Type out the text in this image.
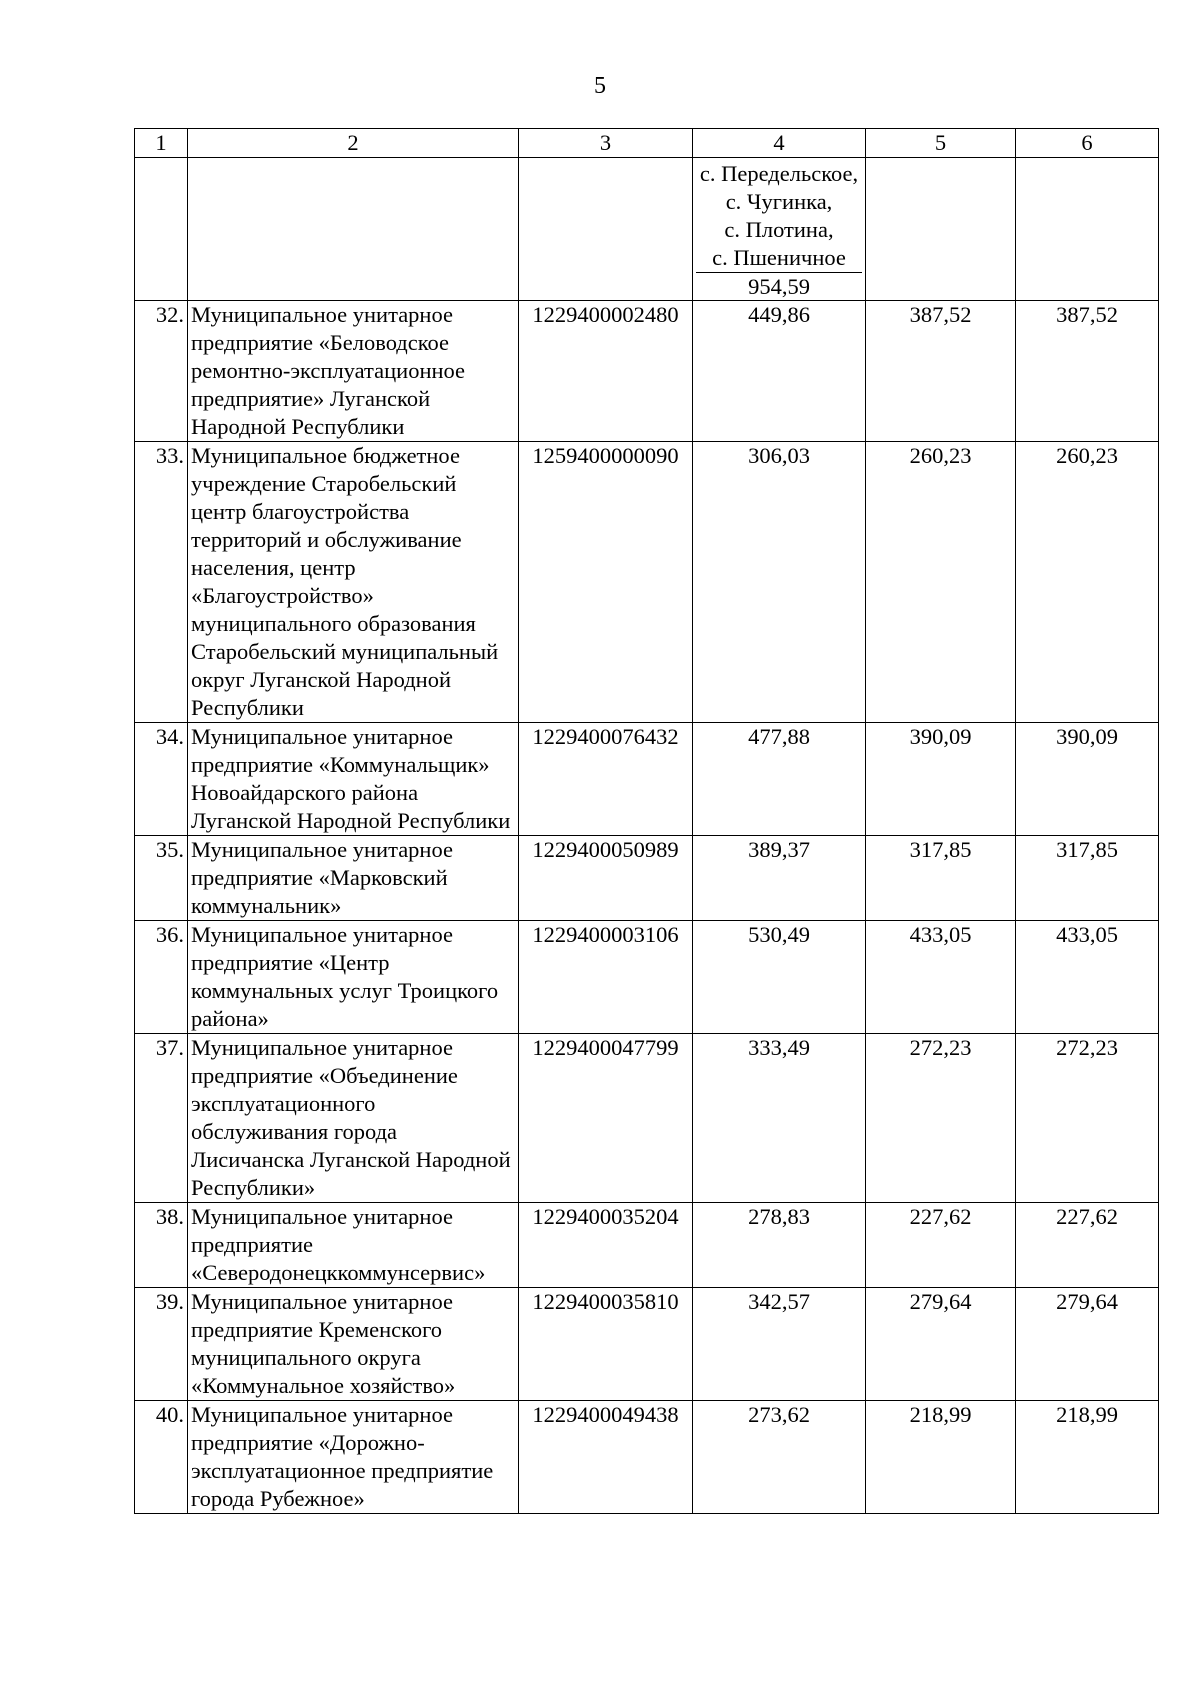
5
1	2	3	4	5	6

			с. Передельское,
с. Чугинка,
с. Плотина,
с. Пшеничное
954,59		

32.	Муниципальное унитарное предприятие «Беловодское ремонтно-эксплуатационное предприятие» Луганской Народной Республики	1229400002480	449,86	387,52	387,52
33.	Муниципальное бюджетное учреждение Старобельский центр благоустройства территорий и обслуживание населения, центр «Благоустройство» муниципального образования Старобельский муниципальный округ Луганской Народной Республики	1259400000090	306,03	260,23	260,23
34.	Муниципальное унитарное предприятие «Коммунальщик» Новоайдарского района Луганской Народной Республики	1229400076432	477,88	390,09	390,09
35.	Муниципальное унитарное предприятие «Марковский коммунальник»	1229400050989	389,37	317,85	317,85
36.	Муниципальное унитарное предприятие «Центр коммунальных услуг Троицкого района»	1229400003106	530,49	433,05	433,05
37.	Муниципальное унитарное предприятие «Объединение эксплуатационного обслуживания города Лисичанска Луганской Народной Республики»	1229400047799	333,49	272,23	272,23
38.	Муниципальное унитарное предприятие «Северодонецккоммунсервис»	1229400035204	278,83	227,62	227,62
39.	Муниципальное унитарное предприятие Кременского муниципального округа «Коммунальное хозяйство»	1229400035810	342,57	279,64	279,64
40.	Муниципальное унитарное предприятие «Дорожно-эксплуатационное предприятие города Рубежное»	1229400049438	273,62	218,99	218,99
